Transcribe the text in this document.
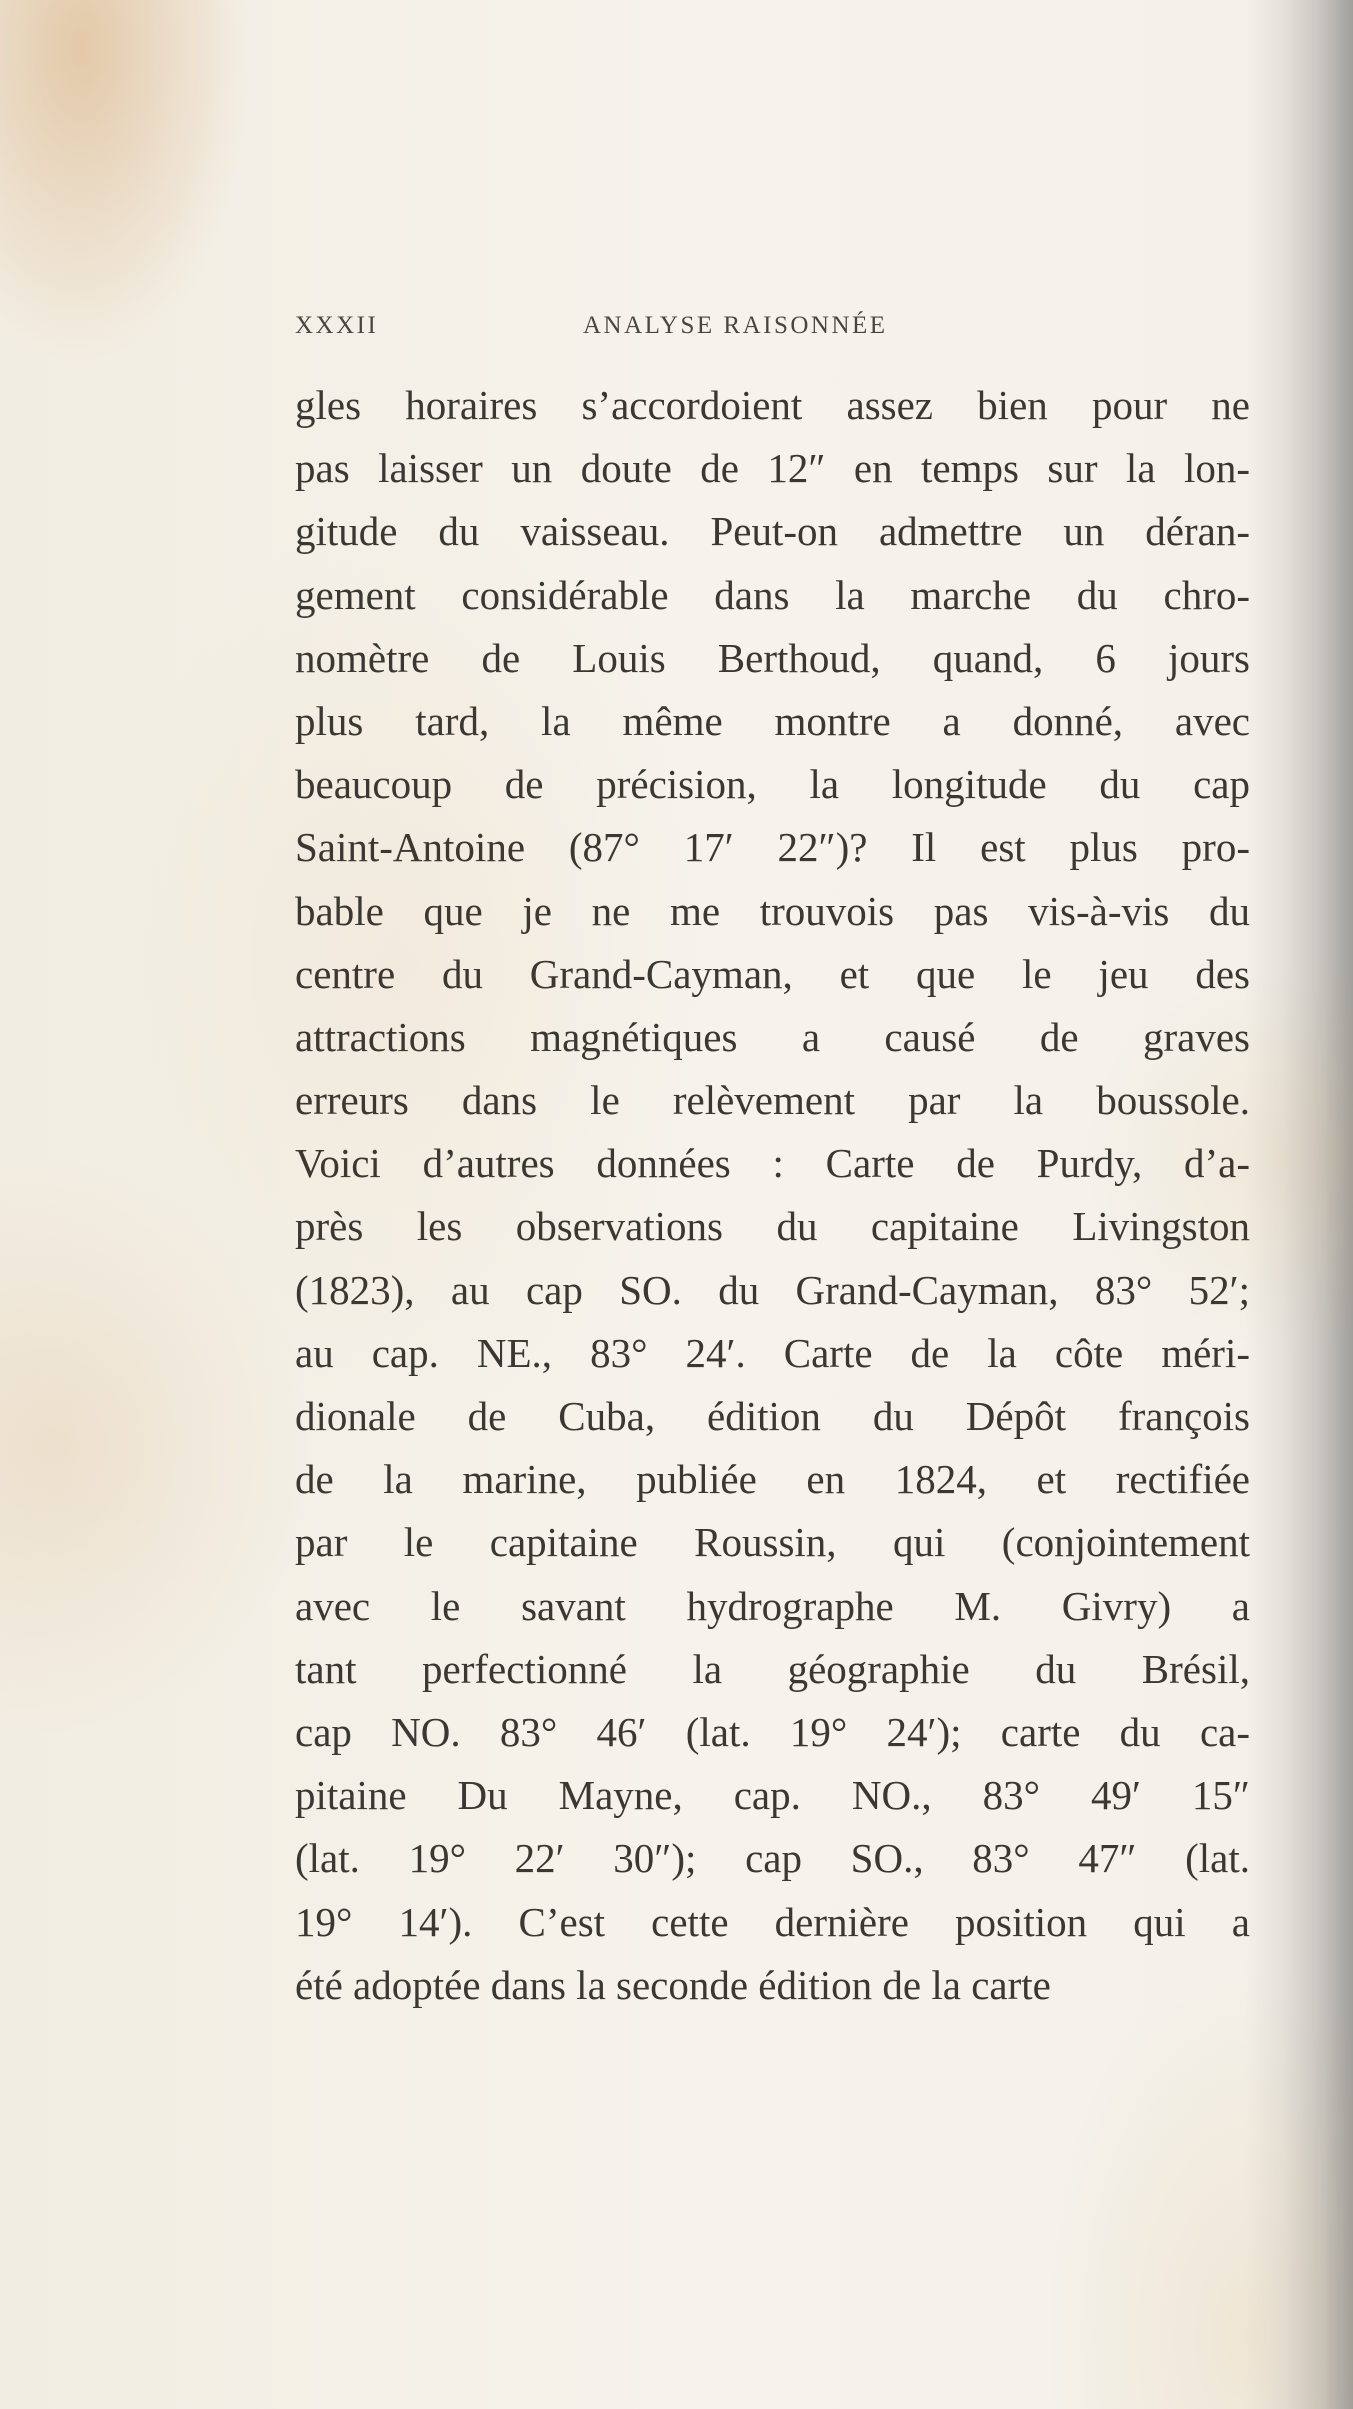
XXXII	ANALYSE RAISONNÉE
gles horaires s’accordoient assez bien pour ne
pas laisser un doute de 12″ en temps sur la lon-
gitude du vaisseau. Peut-on admettre un déran-
gement considérable dans la marche du chro-
nomètre de Louis Berthoud, quand, 6 jours
plus tard, la même montre a donné, avec
beaucoup de précision, la longitude du cap
Saint-Antoine (87° 17′ 22″)? Il est plus pro-
bable que je ne me trouvois pas vis-à-vis du
centre du Grand-Cayman, et que le jeu des
attractions magnétiques a causé de graves
erreurs dans le relèvement par la boussole.
Voici d’autres données : Carte de Purdy, d’a-
près les observations du capitaine Livingston
(1823), au cap SO. du Grand-Cayman, 83° 52′;
au cap. NE., 83° 24′. Carte de la côte méri-
dionale de Cuba, édition du Dépôt françois
de la marine, publiée en 1824, et rectifiée
par le capitaine Roussin, qui (conjointement
avec le savant hydrographe M. Givry) a
tant perfectionné la géographie du Brésil,
cap NO. 83° 46′ (lat. 19° 24′); carte du ca-
pitaine Du Mayne, cap. NO., 83° 49′ 15″
(lat. 19° 22′ 30″); cap SO., 83° 47″ (lat.
19° 14′). C’est cette dernière position qui a
été adoptée dans la seconde édition de la carte
